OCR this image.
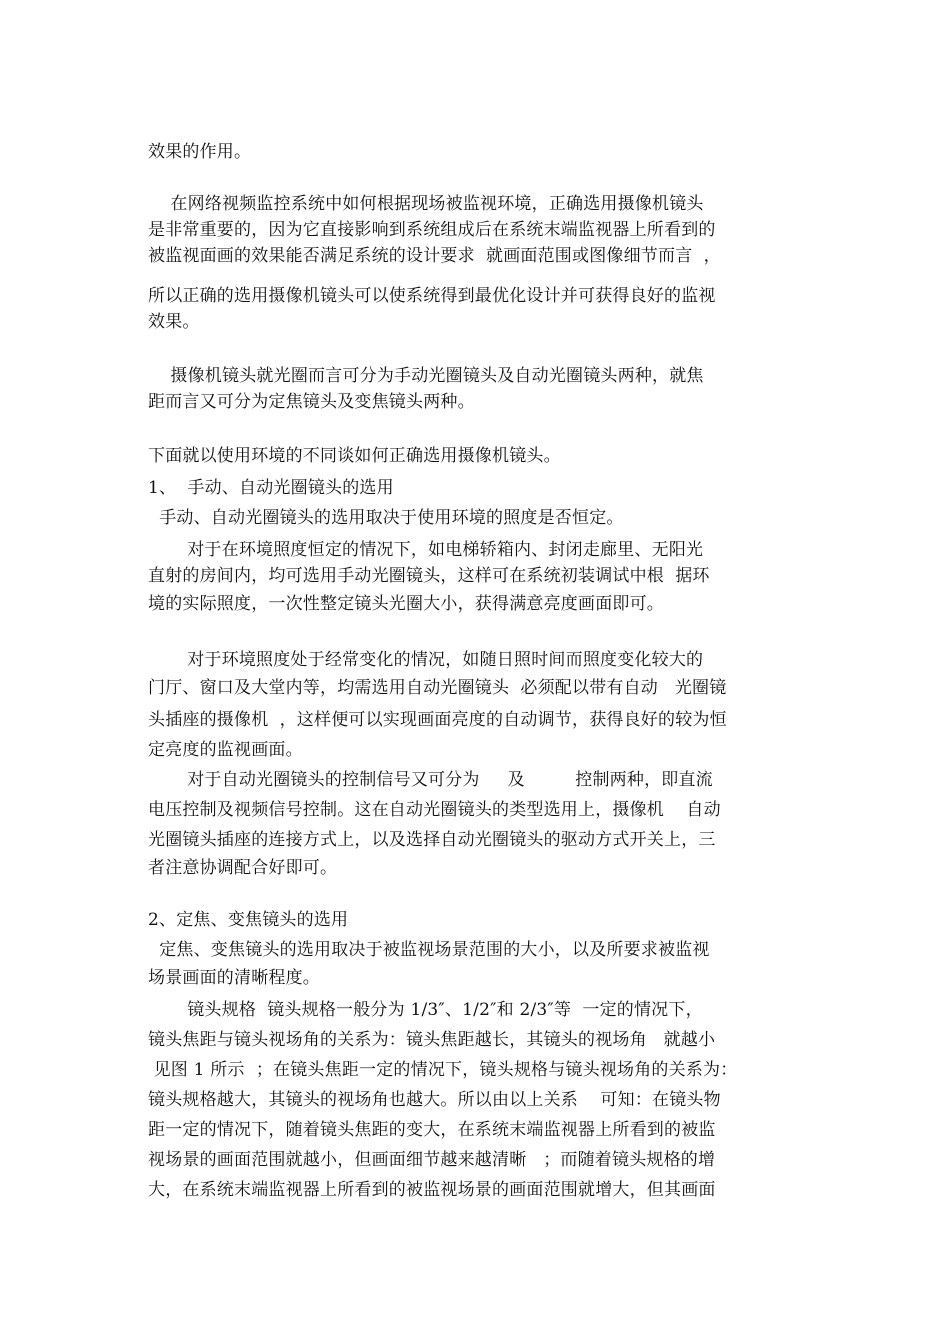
效果的作用。
在网络视频监控系统中如何根据现场被监视环境，正确选用摄像机镜头
是非常重要的，因为它直接影响到系统组成后在系统末端监视器上所看到的
被监视面画的效果能否满足系统的设计要求  就画面范围或图像细节而言  ，
所以正确的选用摄像机镜头可以使系统得到最优化设计并可获得良好的监视
效果。
摄像机镜头就光圈而言可分为手动光圈镜头及自动光圈镜头两种，就焦
距而言又可分为定焦镜头及变焦镜头两种。
下面就以使用环境的不同谈如何正确选用摄像机镜头。
1、  手动、自动光圈镜头的选用
手动、自动光圈镜头的选用取决于使用环境的照度是否恒定。
对于在环境照度恒定的情况下，如电梯轿箱内、封闭走廊里、无阳光
直射的房间内，均可选用手动光圈镜头，这样可在系统初装调试中根  据环
境的实际照度，一次性整定镜头光圈大小，获得满意亮度画面即可。
对于环境照度处于经常变化的情况，如随日照时间而照度变化较大的
门厅、窗口及大堂内等，均需选用自动光圈镜头  必须配以带有自动   光圈镜
头插座的摄像机  ，这样便可以实现画面亮度的自动调节，获得良好的较为恒
定亮度的监视画面。
对于自动光圈镜头的控制信号又可分为     及         控制两种，即直流
电压控制及视频信号控制。这在自动光圈镜头的类型选用上，摄像机    自动
光圈镜头插座的连接方式上，以及选择自动光圈镜头的驱动方式开关上，三
者注意协调配合好即可。
2、定焦、变焦镜头的选用
定焦、变焦镜头的选用取决于被监视场景范围的大小，以及所要求被监视
场景画面的清晰程度。
镜头规格  镜头规格一般分为 1/3″、1/2″和 2/3″等  一定的情况下，
镜头焦距与镜头视场角的关系为：镜头焦距越长，其镜头的视场角   就越小
见图 1 所示  ；在镜头焦距一定的情况下，镜头规格与镜头视场角的关系为：
镜头规格越大，其镜头的视场角也越大。所以由以上关系    可知：在镜头物
距一定的情况下，随着镜头焦距的变大，在系统末端监视器上所看到的被监
视场景的画面范围就越小，但画面细节越来越清晰   ；而随着镜头规格的增
大，在系统末端监视器上所看到的被监视场景的画面范围就增大，但其画面
